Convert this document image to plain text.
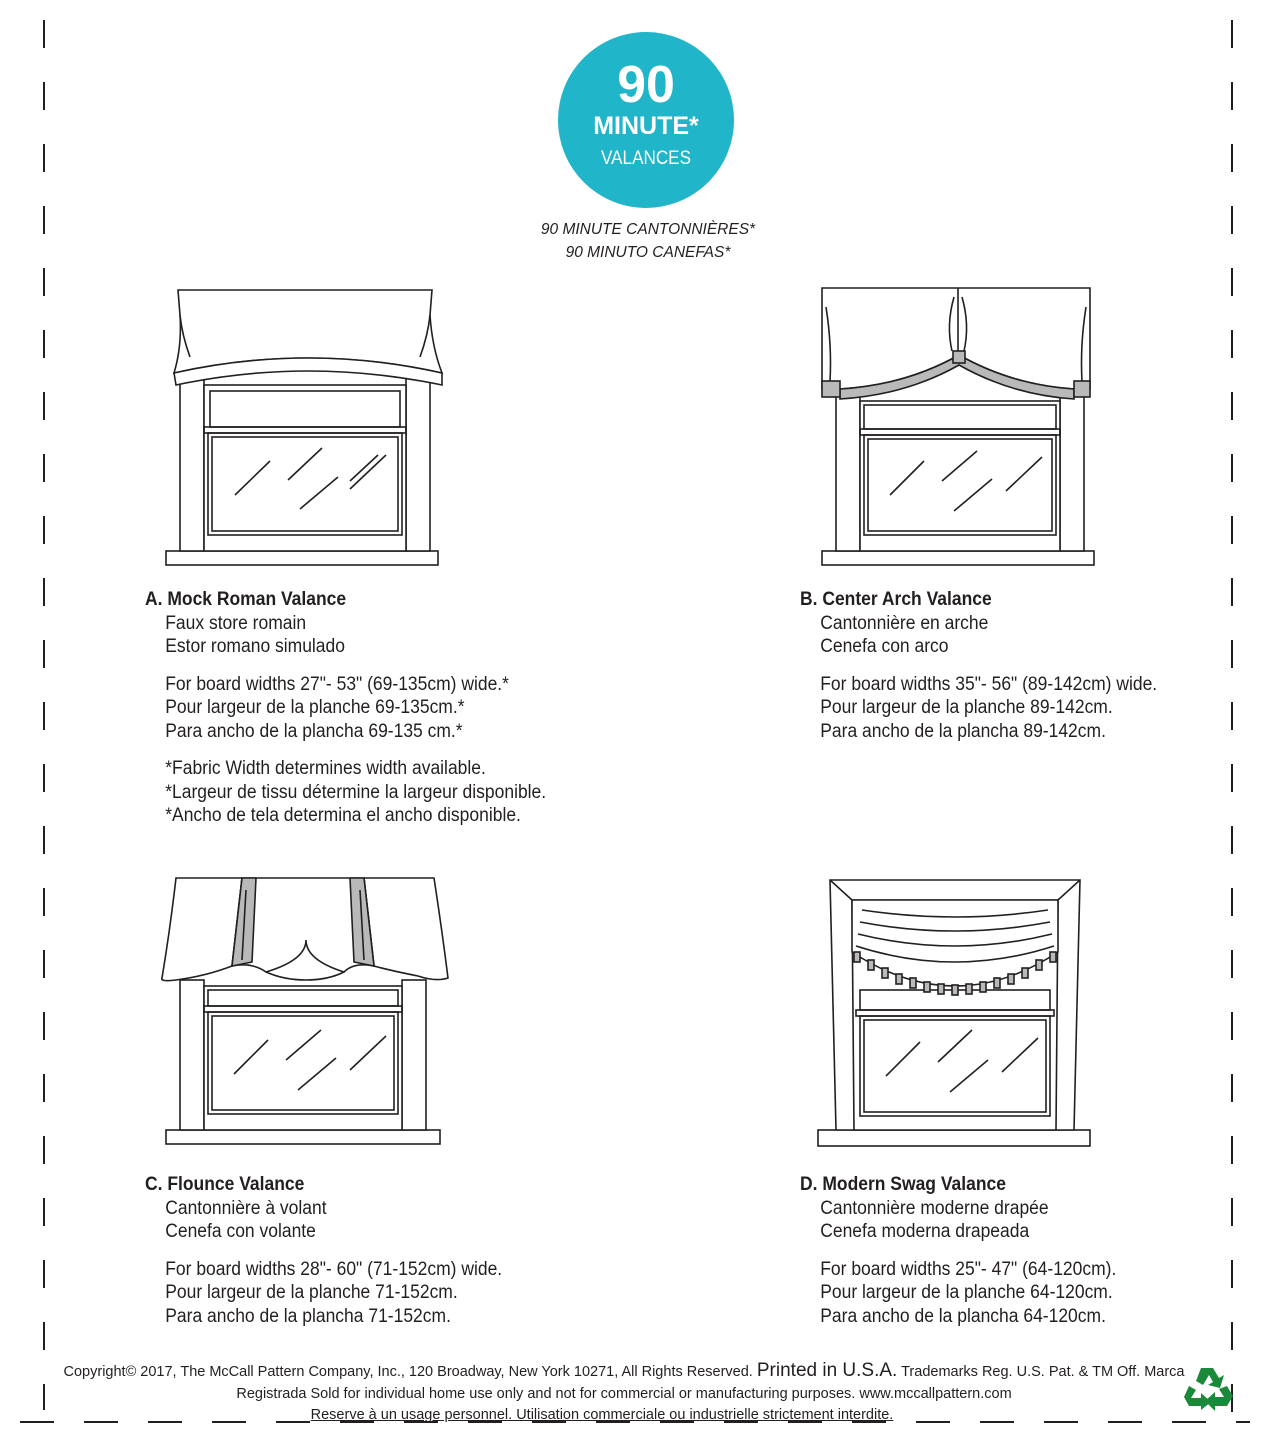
90
MINUTE*
VALANCES
90 MINUTE CANTONNIÈRES*
90 MINUTO CANEFAS*
A. Mock Roman Valance
Faux store romain
Estor romano simulado
For board widths 27"- 53" (69-135cm) wide.*
Pour largeur de la planche 69-135cm.*
Para ancho de la plancha 69-135 cm.*
*Fabric Width determines width available.
*Largeur de tissu détermine la largeur disponible.
*Ancho de tela determina el ancho disponible.
B. Center Arch Valance
Cantonnière en arche
Cenefa con arco
For board widths 35"- 56" (89-142cm) wide.
Pour largeur de la planche 89-142cm.
Para ancho de la plancha 89-142cm.
C. Flounce Valance
Cantonnière à volant
Cenefa con volante
For board widths 28"- 60" (71-152cm) wide.
Pour largeur de la planche 71-152cm.
Para ancho de la plancha 71-152cm.
D. Modern Swag Valance
Cantonnière moderne drapée
Cenefa moderna drapeada
For board widths 25"- 47" (64-120cm).
Pour largeur de la planche 64-120cm.
Para ancho de la plancha 64-120cm.
Copyright© 2017, The McCall Pattern Company, Inc., 120 Broadway, New York 10271, All Rights Reserved. Printed in U.S.A. Trademarks Reg. U.S. Pat. & TM Off. Marca
Registrada Sold for individual home use only and not for commercial or manufacturing purposes. www.mccallpattern.com
Reserve à un usage personnel. Utilisation commerciale ou industrielle strictement interdite.
